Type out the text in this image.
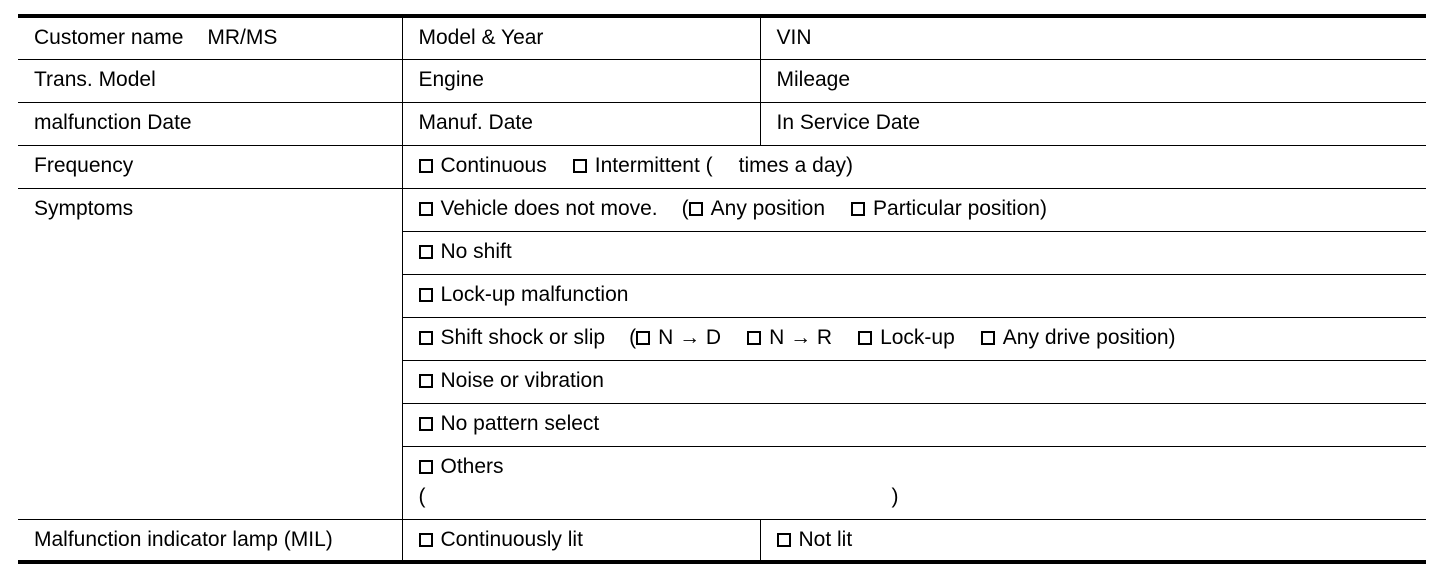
Customer name MR/MS	Model & Year	VIN
Trans. Model	Engine	Mileage
malfunction Date	Manuf. Date	In Service Date
Frequency	Continuous Intermittent ( times a day)	
Symptoms	Vehicle does not move. ( Any position Particular position)	
	No shift	
	Lock-up malfunction	
	Shift shock or slip ( N → D N → R Lock-up Any drive position)	
	Noise or vibration	
	No pattern select	

	Others
( )	

Malfunction indicator lamp (MIL)	Continuously lit	Not lit
